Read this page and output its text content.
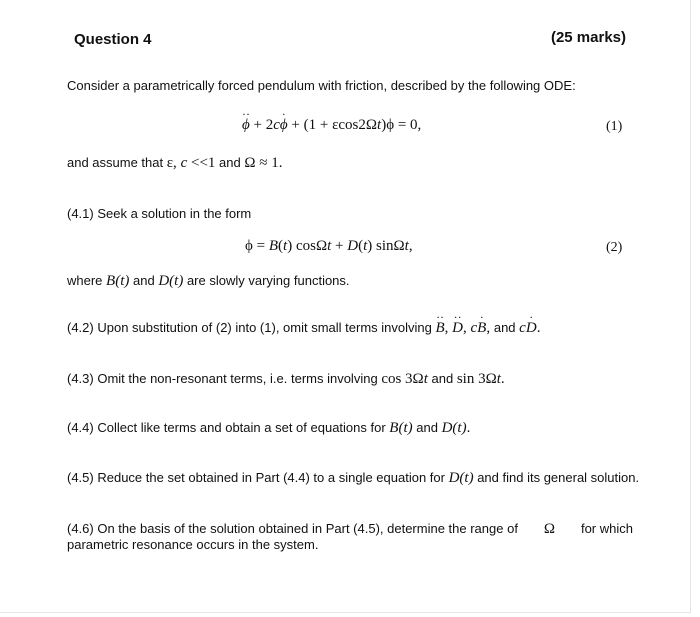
Question 4	(25 marks)
Consider a parametrically forced pendulum with friction, described by the following ODE:
··
ϕ + 2c
·
ϕ + (1 + εcos2Ωt)ϕ = 0,	(1)
and assume that ε, c <<1 and Ω ≈ 1.
(4.1) Seek a solution in the form
ϕ = B(t) cosΩt + D(t) sinΩt,	(2)
where B(t) and D(t) are slowly varying functions.
(4.2) Upon substitution of (2) into (1), omit small terms involving
··
B,
··
D, c
·
B, and c
·
D.
(4.3) Omit the non-resonant terms, i.e. terms involving cos 3Ωt and sin 3Ωt.
(4.4) Collect like terms and obtain a set of equations for B(t) and D(t).
(4.5) Reduce the set obtained in Part (4.4) to a single equation for D(t) and find its general solution.
(4.6) On the basis of the solution obtained in Part (4.5), determine the range of Ω for which
parametric resonance occurs in the system.
